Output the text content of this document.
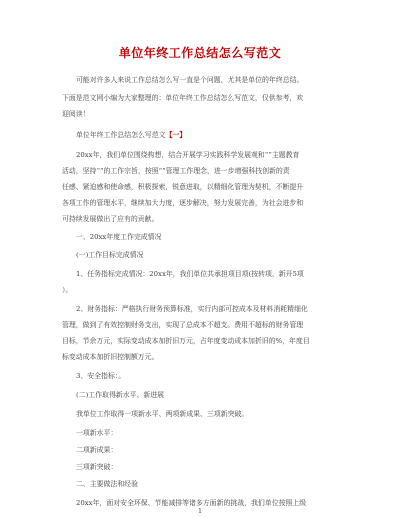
单位年终工作总结怎么写范文
可能对许多人来说工作总结怎么写一直是个问题，尤其是单位的年终总结。
下面是范文网小编为大家整理的：单位年终工作总结怎么写范文，仅供参考，欢
迎阅读！
单位年终工作总结怎么写范文【一】
20xx年，我们单位围绕构想，结合开展学习实践科学发展观和“”主题教育
活动，坚持“”的工作宗旨，按照“”管理工作理念，进一步增强科技创新的责
任感、紧迫感和使命感，积极探索，锐意进取，以精细化管理为契机，不断提升
各项工作的管理水平，继续加大力度，逐步解决，努力发展完善，为社会进步和
可持续发展做出了应有的贡献。
一、20xx年度工作完成情况
(一)工作目标完成情况
1、任务指标完成情况：20xx年，我们单位共承担项目项(按转项，新开5项
）。
2、财务指标：严格执行财务预算标准，实行内部可控成本及材料消耗精细化
管理，做到了有效控制财务支出，实现了总成本不超支。费用不超标的财务管理
目标，节余万元，实际变动成本加折旧万元，占年度变动成本加折旧的%，年度目
标变动成本加折旧控制额万元。
3、安全指标：。
(二)工作取得新水平、新进展
我单位工作取得一项新水平、两项新成果、三项新突破。
一项新水平：
二项新成果：
三项新突破：
二、主要做法和经验
20xx年，面对安全环保、节能减排等诸多方面新的挑战，我们单位按照上级
1
